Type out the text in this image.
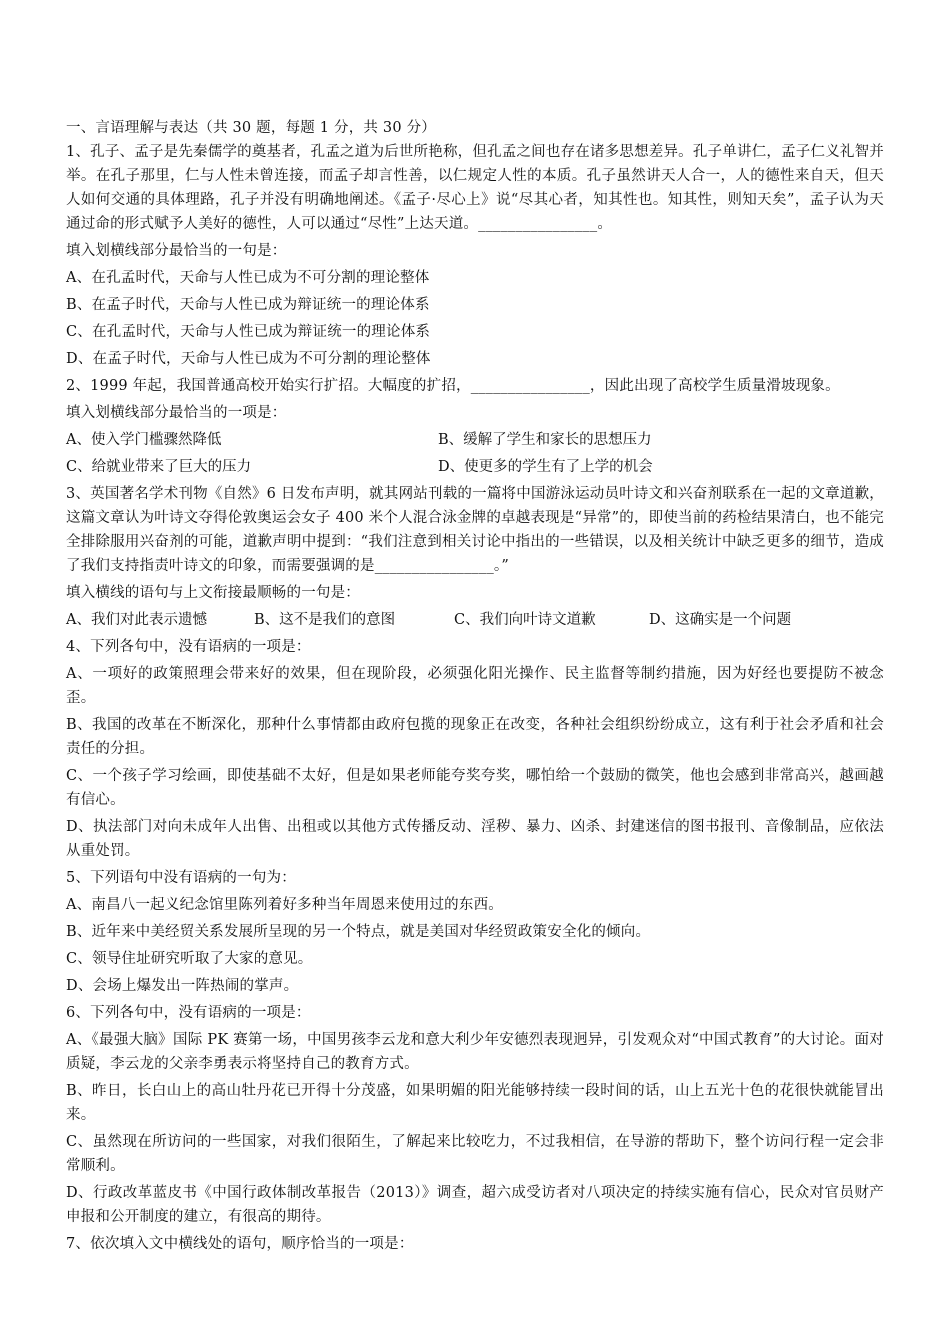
一、言语理解与表达（共 30 题，每题 1 分，共 30 分）

1、孔子、孟子是先秦儒学的奠基者，孔孟之道为后世所艳称，但孔孟之间也存在诸多思想差异。孔子单讲仁，孟子仁义礼智并举。在孔子那里，仁与人性未曾连接，而孟子却言性善，以仁规定人性的本质。孔子虽然讲天人合一，人的德性来自天，但天人如何交通的具体理路，孔子并没有明确地阐述。《孟子·尽心上》说“尽其心者，知其性也。知其性，则知天矣”，孟子认为天通过命的形式赋予人美好的德性，人可以通过“尽性”上达天道。________________。

填入划横线部分最恰当的一句是：

A、在孔孟时代，天命与人性已成为不可分割的理论整体

B、在孟子时代，天命与人性已成为辩证统一的理论体系

C、在孔孟时代，天命与人性已成为辩证统一的理论体系

D、在孟子时代，天命与人性已成为不可分割的理论整体

2、1999 年起，我国普通高校开始实行扩招。大幅度的扩招，________________，因此出现了高校学生质量滑坡现象。

填入划横线部分最恰当的一项是：

A、使入学门槛骤然降低	B、缓解了学生和家长的思想压力
C、给就业带来了巨大的压力	D、使更多的学生有了上学的机会

3、英国著名学术刊物《自然》6 日发布声明，就其网站刊载的一篇将中国游泳运动员叶诗文和兴奋剂联系在一起的文章道歉，这篇文章认为叶诗文夺得伦敦奥运会女子 400 米个人混合泳金牌的卓越表现是“异常”的，即使当前的药检结果清白，也不能完全排除服用兴奋剂的可能，道歉声明中提到：“我们注意到相关讨论中指出的一些错误，以及相关统计中缺乏更多的细节，造成了我们支持指责叶诗文的印象，而需要强调的是________________。”

填入横线的语句与上文衔接最顺畅的一句是：

A、我们对此表示遗憾	B、这不是我们的意图	C、我们向叶诗文道歉	D、这确实是一个问题

4、下列各句中，没有语病的一项是：

A、一项好的政策照理会带来好的效果，但在现阶段，必须强化阳光操作、民主监督等制约措施，因为好经也要提防不被念歪。

B、我国的改革在不断深化，那种什么事情都由政府包揽的现象正在改变，各种社会组织纷纷成立，这有利于社会矛盾和社会责任的分担。

C、一个孩子学习绘画，即使基础不太好，但是如果老师能夸奖夸奖，哪怕给一个鼓励的微笑，他也会感到非常高兴，越画越有信心。

D、执法部门对向未成年人出售、出租或以其他方式传播反动、淫秽、暴力、凶杀、封建迷信的图书报刊、音像制品，应依法从重处罚。

5、下列语句中没有语病的一句为：

A、南昌八一起义纪念馆里陈列着好多种当年周恩来使用过的东西。

B、近年来中美经贸关系发展所呈现的另一个特点，就是美国对华经贸政策安全化的倾向。

C、领导住址研究听取了大家的意见。

D、会场上爆发出一阵热闹的掌声。

6、下列各句中，没有语病的一项是：

A、《最强大脑》国际 PK 赛第一场，中国男孩李云龙和意大利少年安德烈表现迥异，引发观众对“中国式教育”的大讨论。面对质疑，李云龙的父亲李勇表示将坚持自己的教育方式。

B、昨日，长白山上的高山牡丹花已开得十分茂盛，如果明媚的阳光能够持续一段时间的话，山上五光十色的花很快就能冒出来。

C、虽然现在所访问的一些国家，对我们很陌生，了解起来比较吃力，不过我相信，在导游的帮助下，整个访问行程一定会非常顺利。

D、行政改革蓝皮书《中国行政体制改革报告（2013）》调查，超六成受访者对八项决定的持续实施有信心，民众对官员财产申报和公开制度的建立，有很高的期待。

7、依次填入文中横线处的语句，顺序恰当的一项是：
